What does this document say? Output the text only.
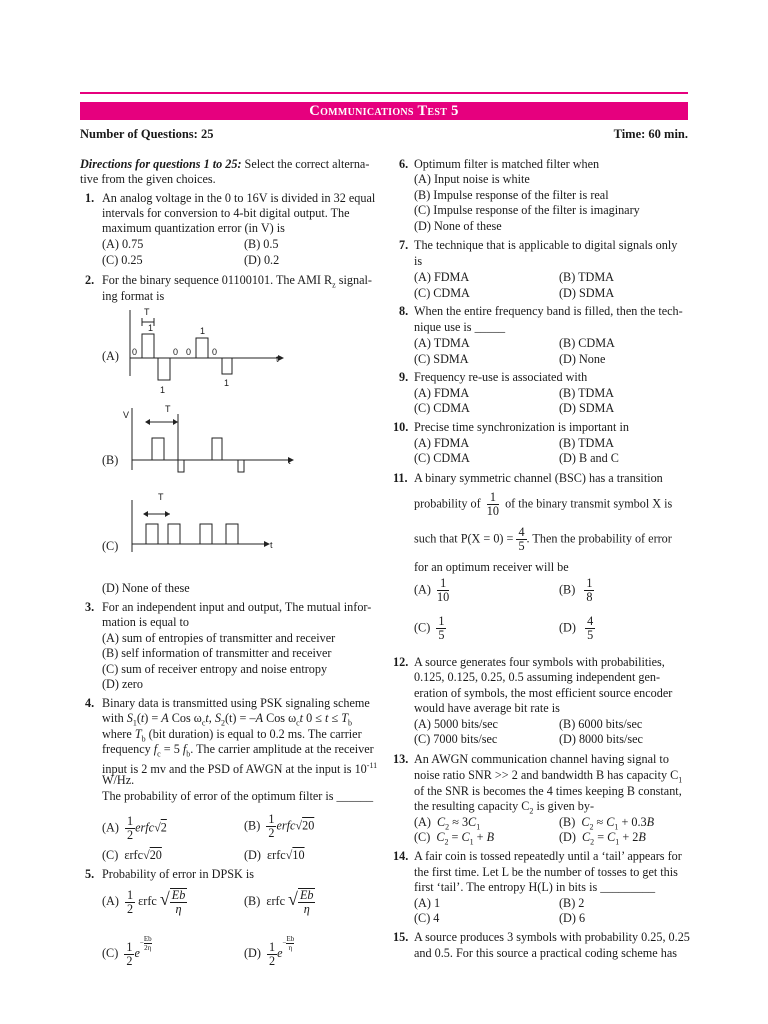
Communications Test 5
Number of Questions: 25	Time: 60 min.
Directions for questions 1 to 25: Select the correct alterna-
tive from the given choices.
1. An analog voltage in the 0 to 16V is divided in 32 equal
intervals for conversion to 4-bit digital output. The
maximum quantization error (in V) is
(A) 0.75	(B) 0.5
(C) 0.25	(D) 0.2
2. For the binary sequence 01100101. The AMI $R_z$ signal-
ing format is
(A)
T
1	1
0	0 0 0
1
1
t
(B)
V
T
t
(C)
T
t
(D) None of these
3. For an independent input and output, The mutual infor-
mation is equal to
(A) sum of entropies of transmitter and receiver
(B) self information of transmitter and receiver
(C) sum of receiver entropy and noise entropy
(D) zero
4. Binary data is transmitted using PSK signaling scheme
with $S_1(t) = A$ Cos $\omega_ct$, $S_2(t) = -A$ Cos $\omega_ct$ $0 \le t \le T_b$
where $T_b$ (bit duration) is equal to 0.2 ms. The carrier
frequency $f_c = 5$ $f_b$. The carrier amplitude at the receiver
input is 2 mv and the PSD of AWGN at the input is $10^{-11}$
W/Hz.
The probability of error of the optimum filter is ______
$(A) \frac{1}{2}$ erfc√2	$(B) \frac{1}{2}$ erfc√20
(C) εrfc√20	(D) εrfc√10
5. Probability of error in DPSK is
$(A) \frac{1}{2}$ εrfc √ $\frac{Eb}{\eta}$	(B) εrfc √ $\frac{Eb}{\eta}$
$(C) \frac{1}{2} e^{- \frac{Eb}{2\eta}}$
$(D) \frac{1}{2} e^{- \frac{Eb}{\eta}}$
6. Optimum filter is matched filter when
(A) Input noise is white
(B) Impulse response of the filter is real
(C) Impulse response of the filter is imaginary
(D) None of these
7. The technique that is applicable to digital signals only
is
(A) FDMA	(B) TDMA
(C) CDMA	(D) SDMA
8. When the entire frequency band is filled, then the tech-
nique use is _____
(A) TDMA	(B) CDMA
(C) SDMA	(D) None
9. Frequency re-use is associated with
(A) FDMA	(B) TDMA
(C) CDMA	(D) SDMA
10. Precise time synchronization is important in
(A) FDMA	(B) TDMA
(C) CDMA	(D) B and C
11. A binary symmetric channel (BSC) has a transition
probability of $\frac{1}{10}$ of the binary transmit symbol X is
such that $P(X = 0) = \frac{4}{5}$ . Then the probability of error
for an optimum receiver will be
$(A) \frac{1}{10}$	$(B) \frac{1}{8}$
$(C) \frac{1}{5}$	$(D) \frac{4}{5}$
12. A source generates four symbols with probabilities,
0.125, 0.125, 0.25, 0.5 assuming independent gen-
eration of symbols, the most efficient source encoder
would have average bit rate is
(A) 5000 bits/sec	(B) 6000 bits/sec
(C) 7000 bits/sec	(D) 8000 bits/sec
13. An AWGN communication channel having signal to
noise ratio SNR >> 2 and bandwidth B has capacity $C_1$
of the SNR is becomes the 4 times keeping B constant,
the resulting capacity $C_2$ is given by-
(A)  $C_2 \approx 3C_1$	(B)  $C_2 \approx C_1 + 0.3B$
(C)  $C_2 = C_1 + B$	(D)  $C_2 = C_1 + 2B$
14. A fair coin is tossed repeatedly until a ‘tail’ appears for
the first time. Let L be the number of tosses to get this
first ‘tail’. The entropy H(L) in bits is _________
(A) 1	(B) 2
(C) 4	(D) 6
15. A source produces 3 symbols with probability 0.25, 0.25
and 0.5. For this source a practical coding scheme has
